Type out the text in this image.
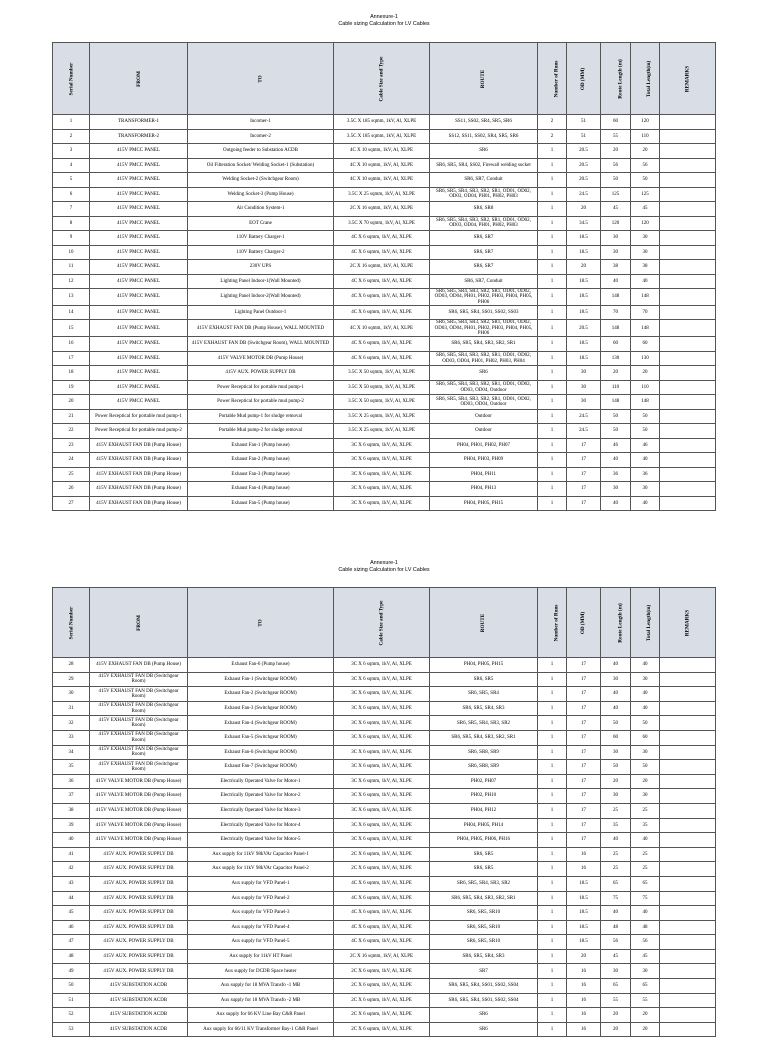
Annexure-1
Cable sizing Calculation for LV Cables
Serial Number	FROM	TO	Cable Size and Type	ROUTE	Number of Runs	OD (MM)	Route Length (m)	Total Length(m)	REMARKS
1	TRANSFORMER-1	Incomer-1	3.5C X 185 sqmm, 1kV, Al, XLPE	SS11, SS02, SR4, SR5, SR6	2	51	60	120	
2	TRANSFORMER-2	Incomer-2	3.5C X 185 sqmm, 1kV, Al, XLPE	SS12, SS11, SS02, SR4, SR5, SR6	2	51	55	110	
3	415V PMCC PANEL	Outgoing feeder to Substation ACDB	4C X 10 sqmm, 1kV, Al, XLPE	SR6	1	20.5	20	20	
4	415V PMCC PANEL	Oil Filteration Socket/ Welding Socket-1 (Substation)	4C X 10 sqmm, 1kV, Al, XLPE	SR6, SR5, SR4, SS02, Firewall welding socket	1	20.5	56	56	
5	415V PMCC PANEL	Welding Socket-2 (Switchgear Room)	4C X 10 sqmm, 1kV, Al, XLPE	SR6, SR7, Conduit	1	20.5	50	50	
6	415V PMCC PANEL	Welding Socket-3 (Pump House)	3.5C X 25 sqmm, 1kV, Al, XLPE	SR6, SR5, SR4, SR3, SR2, SR1, OD01, OD02, OD03, OD04, PH01, PH02, PH03	1	24.5	125	125	
7	415V PMCC PANEL	Air Condition System-1	2C X 16 sqmm, 1kV, Al, XLPE	SR6, SR8	1	20	45	45	
8	415V PMCC PANEL	EOT Crane	3.5C X 70 sqmm, 1kV, Al, XLPE	SR6, SR5, SR4, SR3, SR2, SR1, OD01, OD02, OD03, OD04, PH01, PH02, PH03	1	34.5	120	120	
9	415V PMCC PANEL	110V Battery Charger-1	4C X 6 sqmm, 1kV, Al, XLPE	SR6, SR7	1	18.5	30	30	
10	415V PMCC PANEL	110V Battery Charger-2	4C X 6 sqmm, 1kV, Al, XLPE	SR6, SR7	1	18.5	30	30	
11	415V PMCC PANEL	230V UPS	2C X 16 sqmm, 1kV, Al, XLPE	SR6, SR7	1	20	38	38	
12	415V PMCC PANEL	Lighting Panel Indoor-1(Wall Mounted)	4C X 6 sqmm, 1kV, Al, XLPE	SR6, SR7, Conduit	1	18.5	40	40	
13	415V PMCC PANEL	Lighting Panel Indoor-2(Wall Mounted)	4C X 6 sqmm, 1kV, Al, XLPE	SR6, SR5, SR4, SR3, SR2, SR1, OD01, OD02, OD03, OD04, PH01, PH02, PH03, PH04, PH05, PH06	1	18.5	148	148	
14	415V PMCC PANEL	Lighting Panel Outdoor-1	4C X 6 sqmm, 1kV, Al, XLPE	SR6, SR5, SR4, SS01, SS02, SS03	1	18.5	70	70	
15	415V PMCC PANEL	415V EXHAUST FAN DB (Pump House), WALL MOUNTED	4C X 10 sqmm, 1kV, Al, XLPE	SR6, SR5, SR4, SR3, SR2, SR1, OD01, OD02, OD03, OD04, PH01, PH02, PH03, PH04, PH05, PH06	1	20.5	148	148	
16	415V PMCC PANEL	415V EXHAUST FAN DB (Switchgear Room), WALL MOUNTED	4C X 6 sqmm, 1kV, Al, XLPE	SR6, SR5, SR4, SR3, SR2, SR1	1	18.5	60	60	
17	415V PMCC PANEL	415V VALVE MOTOR DB (Pump House)	4C X 6 sqmm, 1kV, Al, XLPE	SR6, SR5, SR4, SR3, SR2, SR1, OD01, OD02, OD03, OD04, PH01, PH02, PH03, PH04	1	18.5	130	130	
18	415V PMCC PANEL	415V AUX. POWER SUPPLY DB	3.5C X 50 sqmm, 1kV, Al, XLPE	SR6	1	30	20	20	
19	415V PMCC PANEL	Power Receptical for portable mud pump-1	3.5C X 50 sqmm, 1kV, Al, XLPE	SR6, SR5, SR4, SR3, SR2, SR1, OD01, OD02, OD03, OD04, Outdoor	1	30	110	110	
20	415V PMCC PANEL	Power Receptical for portable mud pump-2	3.5C X 50 sqmm, 1kV, Al, XLPE	SR6, SR5, SR4, SR3, SR2, SR1, OD01, OD02, OD03, OD04, Outdoor	1	30	148	148	
21	Power Receptical for portable mud pump-1	Portable Mud pump-1 for sludge removal	3.5C X 25 sqmm, 1kV, Al, XLPE	Outdoor	1	24.5	50	50	
22	Power Receptical for portable mud pump-2	Portable Mud pump-2 for sludge removal	3.5C X 25 sqmm, 1kV, Al, XLPE	Outdoor	1	24.5	50	50	
23	415V EXHAUST FAN DB (Pump House)	Exhaust Fan-1 (Pump house)	3C X 6 sqmm, 1kV, Al, XLPE	PH04, PH01, PH02, PH07	1	17	46	46	
24	415V EXHAUST FAN DB (Pump House)	Exhaust Fan-2 (Pump house)	3C X 6 sqmm, 1kV, Al, XLPE	PH04, PH03, PH09	1	17	40	40	
25	415V EXHAUST FAN DB (Pump House)	Exhaust Fan-3 (Pump house)	3C X 6 sqmm, 1kV, Al, XLPE	PH04, PH11	1	17	36	36	
26	415V EXHAUST FAN DB (Pump House)	Exhaust Fan-4 (Pump house)	3C X 6 sqmm, 1kV, Al, XLPE	PH04, PH13	1	17	30	30	
27	415V EXHAUST FAN DB (Pump House)	Exhaust Fan-5 (Pump house)	3C X 6 sqmm, 1kV, Al, XLPE	PH04, PH05, PH15	1	17	40	40	
Annexure-1
Cable sizing Calculation for LV Cables
Serial Number	FROM	TO	Cable Size and Type	ROUTE	Number of Runs	OD (MM)	Route Length (m)	Total Length(m)	REMARKS
28	415V EXHAUST FAN DB (Pump House)	Exhaust Fan-6 (Pump house)	3C X 6 sqmm, 1kV, Al, XLPE	PH04, PH05, PH15	1	17	40	40	
29	415V EXHAUST FAN DB (Switchgear Room)	Exhaust Fan-1 (Switchgear ROOM)	3C X 6 sqmm, 1kV, Al, XLPE	SR6, SR5	1	17	30	30	
30	415V EXHAUST FAN DB (Switchgear Room)	Exhaust Fan-2 (Switchgear ROOM)	3C X 6 sqmm, 1kV, Al, XLPE	SR6, SR5, SR4	1	17	40	40	
31	415V EXHAUST FAN DB (Switchgear Room)	Exhaust Fan-3 (Switchgear ROOM)	3C X 6 sqmm, 1kV, Al, XLPE	SR6, SR5, SR4, SR3	1	17	40	40	
32	415V EXHAUST FAN DB (Switchgear Room)	Exhaust Fan-4 (Switchgear ROOM)	3C X 6 sqmm, 1kV, Al, XLPE	SR6, SR5, SR4, SR3, SR2	1	17	50	50	
33	415V EXHAUST FAN DB (Switchgear Room)	Exhaust Fan-5 (Switchgear ROOM)	3C X 6 sqmm, 1kV, Al, XLPE	SR6, SR5, SR4, SR3, SR2, SR1	1	17	60	60	
34	415V EXHAUST FAN DB (Switchgear Room)	Exhaust Fan-6 (Switchgear ROOM)	3C X 6 sqmm, 1kV, Al, XLPE	SR6, SR8, SR9	1	17	30	30	
35	415V EXHAUST FAN DB (Switchgear Room)	Exhaust Fan-7 (Switchgear ROOM)	3C X 6 sqmm, 1kV, Al, XLPE	SR6, SR8, SR9	1	17	50	50	
36	415V VALVE MOTOR DB (Pump House)	Electrically Operated Valve for Motor-1	3C X 6 sqmm, 1kV, Al, XLPE	PH02, PH07	1	17	20	20	
37	415V VALVE MOTOR DB (Pump House)	Electrically Operated Valve for Motor-2	3C X 6 sqmm, 1kV, Al, XLPE	PH02, PH10	1	17	30	30	
38	415V VALVE MOTOR DB (Pump House)	Electrically Operated Valve for Motor-3	3C X 6 sqmm, 1kV, Al, XLPE	PH04, PH12	1	17	25	25	
39	415V VALVE MOTOR DB (Pump House)	Electrically Operated Valve for Motor-4	3C X 6 sqmm, 1kV, Al, XLPE	PH04, PH05, PH14	1	17	35	35	
40	415V VALVE MOTOR DB (Pump House)	Electrically Operated Valve for Motor-5	3C X 6 sqmm, 1kV, Al, XLPE	PH04, PH05, PH06, PH16	1	17	40	40	
41	415V AUX. POWER SUPPLY DB	Aux supply for 11kV 98kVAr Capacitor Panel-1	2C X 6 sqmm, 1kV, Al, XLPE	SR6, SR5	1	16	25	25	
42	415V AUX. POWER SUPPLY DB	Aux supply for 11kV 98kVAr Capacitor Panel-2	2C X 6 sqmm, 1kV, Al, XLPE	SR6, SR5	1	16	25	25	
43	415V AUX. POWER SUPPLY DB	Aux supply for VFD Panel-1	4C X 6 sqmm, 1kV, Al, XLPE	SR6, SR5, SR4, SR3, SR2	1	18.5	65	65	
44	415V AUX. POWER SUPPLY DB	Aux supply for VFD Panel-2	4C X 6 sqmm, 1kV, Al, XLPE	SR6, SR5, SR4, SR3, SR2, SR1	1	18.5	75	75	
45	415V AUX. POWER SUPPLY DB	Aux supply for VFD Panel-3	4C X 6 sqmm, 1kV, Al, XLPE	SR6, SR5, SR10	1	18.5	40	40	
46	415V AUX. POWER SUPPLY DB	Aux supply for VFD Panel-4	4C X 6 sqmm, 1kV, Al, XLPE	SR6, SR5, SR10	1	18.5	48	48	
47	415V AUX. POWER SUPPLY DB	Aux supply for VFD Panel-5	4C X 6 sqmm, 1kV, Al, XLPE	SR6, SR5, SR10	1	18.5	56	56	
48	415V AUX. POWER SUPPLY DB	Aux supply for 11kV HT Panel	2C X 16 sqmm, 1kV, Al, XLPE	SR6, SR5, SR4, SR3	1	20	45	45	
49	415V AUX. POWER SUPPLY DB	Aux supply for DCDB Space heater	2C X 6 sqmm, 1kV, Al, XLPE	SR7	1	16	30	30	
50	415V SUBSTATION ACDB	Aux supply for 18 MVA Transfo -1 MB	2C X 6 sqmm, 1kV, Al, XLPE	SR6, SR5, SR4, SS01, SS02, SS04	1	16	65	65	
51	415V SUBSTATION ACDB	Aux supply for 18 MVA Transfo -2 MB	2C X 6 sqmm, 1kV, Al, XLPE	SR6, SR5, SR4, SS01, SS02, SS04	1	16	55	55	
52	415V SUBSTATION ACDB	Aux supply for 66 KV Line Bay C&R Panel	2C X 6 sqmm, 1kV, Al, XLPE	SR6	1	16	20	20	
53	415V SUBSTATION ACDB	Aux supply for 66/11 KV Transformer Bay-1 C&R Panel	2C X 6 sqmm, 1kV, Al, XLPE	SR6	1	16	20	20	
